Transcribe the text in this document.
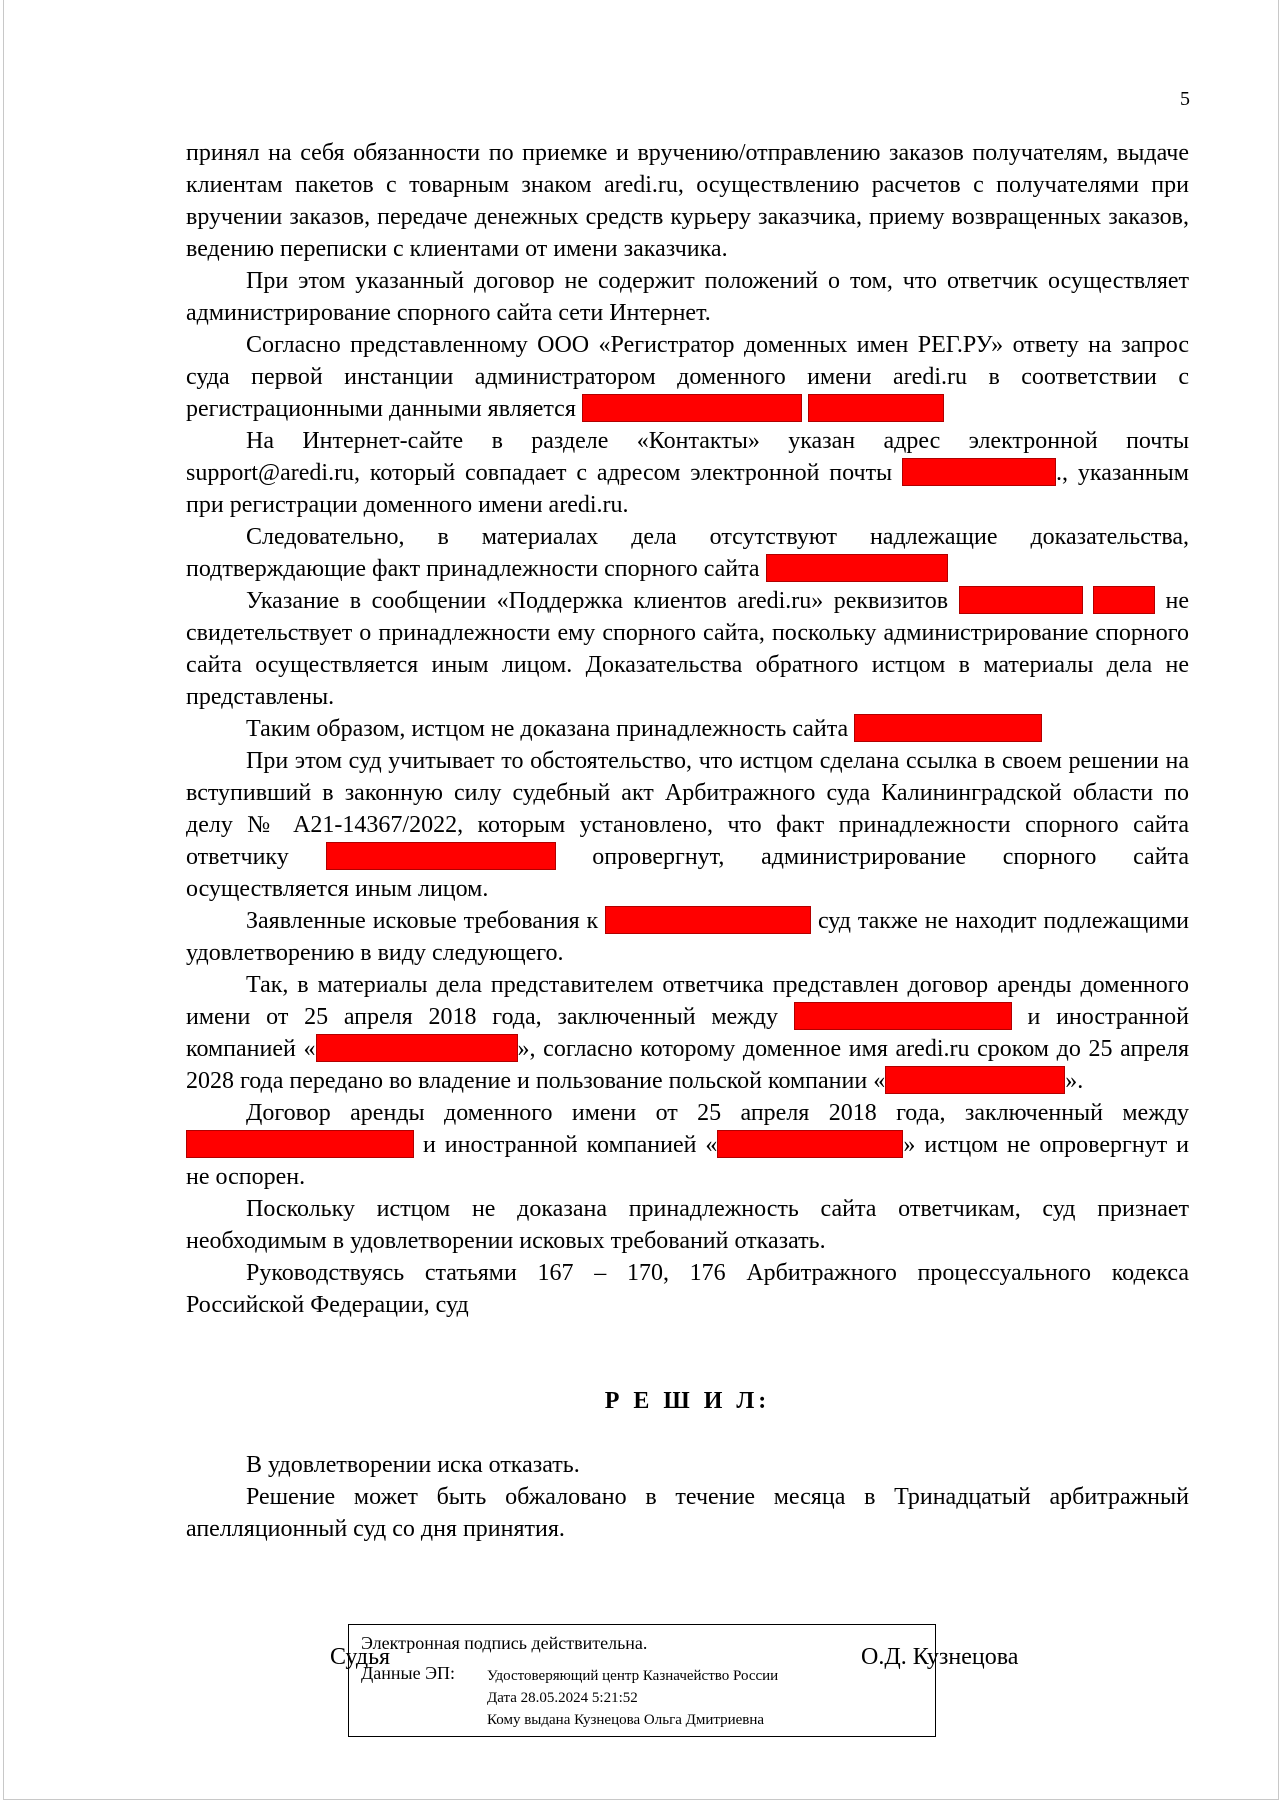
5

принял на себя обязанности по приемке и вручению/отправлению заказов получателям, выдаче клиентам пакетов с товарным знаком aredi.ru, осуществлению расчетов с получателями при вручении заказов, передаче денежных средств курьеру заказчика, приему возвращенных заказов, ведению переписки с клиентами от имени заказчика.

При этом указанный договор не содержит положений о том, что ответчик осуществляет администрирование спорного сайта сети Интернет.

Согласно представленному ООО «Регистратор доменных имен РЕГ.РУ» ответу на запрос суда первой инстанции администратором доменного имени aredi.ru в соответствии с регистрационными данными является

На Интернет-сайте в разделе «Контакты» указан адрес электронной почты support@aredi.ru, который совпадает с адресом электронной почты	., указанным при регистрации доменного имени aredi.ru.

Следовательно, в материалах дела отсутствуют надлежащие доказательства, подтверждающие факт принадлежности спорного сайта

Указание в сообщении «Поддержка клиентов aredi.ru» реквизитов	не свидетельствует о принадлежности ему спорного сайта, поскольку администрирование спорного сайта осуществляется иным лицом. Доказательства обратного истцом в материалы дела не представлены.

Таким образом, истцом не доказана принадлежность сайта

При этом суд учитывает то обстоятельство, что истцом сделана ссылка в своем решении на вступивший в законную силу судебный акт Арбитражного суда Калининградской области по делу № А21-14367/2022, которым установлено, что факт принадлежности спорного сайта ответчику	опровергнут, администрирование спорного сайта осуществляется иным лицом.

Заявленные исковые требования к	суд также не находит подлежащими удовлетворению в виду следующего.

Так, в материалы дела представителем ответчика представлен договор аренды доменного имени от 25 апреля 2018 года, заключенный между	и иностранной компанией «	», согласно которому доменное имя aredi.ru сроком до 25 апреля 2028 года передано во владение и пользование польской компании «	».

Договор аренды доменного имени от 25 апреля 2018 года, заключенный между  и иностранной компанией «	» истцом не опровергнут и не оспорен.

Поскольку истцом не доказана принадлежность сайта ответчикам, суд признает необходимым в удовлетворении исковых требований отказать.

Руководствуясь статьями 167 – 170, 176 Арбитражного процессуального кодекса Российской Федерации, суд

Р Е Ш И Л:

В удовлетворении иска отказать.

Решение может быть обжаловано в течение месяца в Тринадцатый арбитражный апелляционный суд со дня принятия.

Судья	О.Д. Кузнецова
Электронная подпись действительна.
Данные ЭП: Удостоверяющий центр Казначейство России
Дата 28.05.2024 5:21:52
Кому выдана Кузнецова Ольга Дмитриевна
